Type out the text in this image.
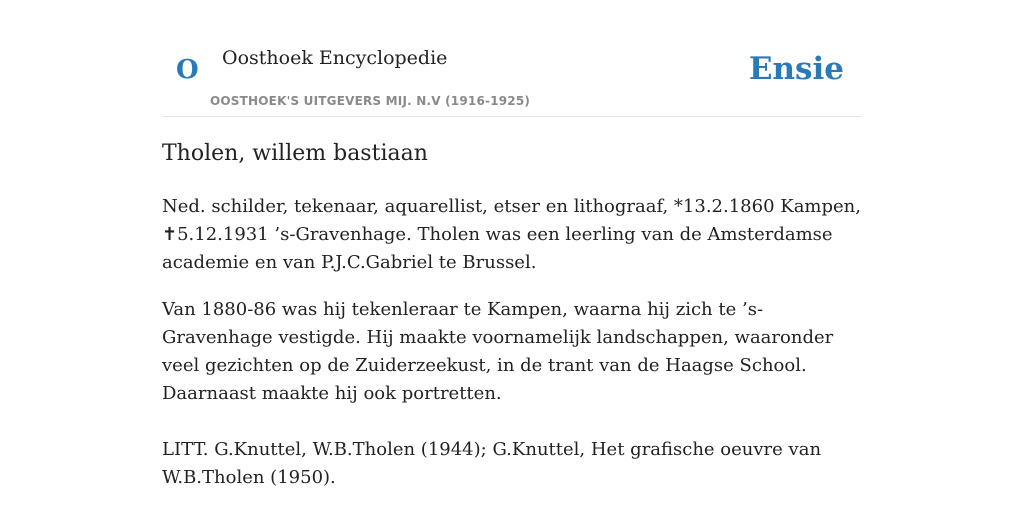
O Oosthoek Encyclopedie
OOSTHOEK'S UITGEVERS MIJ. N.V (1916-1925)
Ensie
Tholen, willem bastiaan

Ned. schilder, tekenaar, aquarellist, etser en lithograaf, *13.2.1860 Kampen, ✝5.12.1931 ’s-Gravenhage. Tholen was een leerling van de Amsterdamse academie en van P.J.C.Gabriel te Brussel.

Van 1880-86 was hij tekenleraar te Kampen, waarna hij zich te ’s-Gravenhage vestigde. Hij maakte voornamelijk landschappen, waaronder veel gezichten op de Zuiderzeekust, in de trant van de Haagse School. Daarnaast maakte hij ook portretten.

LITT. G.Knuttel, W.B.Tholen (1944); G.Knuttel, Het grafische oeuvre van W.B.Tholen (1950).
